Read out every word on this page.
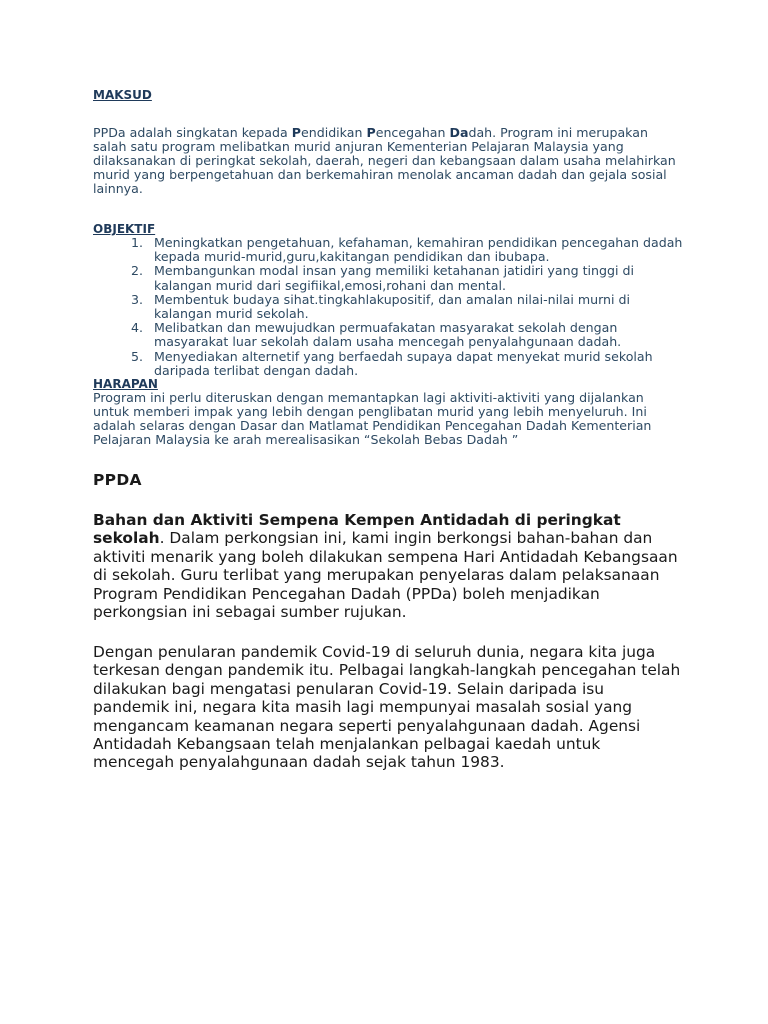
MAKSUD

PPDa adalah singkatan kepada Pendidikan Pencegahan Dadah. Program ini merupakan salah satu program melibatkan murid anjuran Kementerian Pelajaran Malaysia yang dilaksanakan di peringkat sekolah, daerah, negeri dan kebangsaan dalam usaha melahirkan murid yang berpengetahuan dan berkemahiran menolak ancaman dadah dan gejala sosial lainnya.

OBJEKTIF
1. Meningkatkan pengetahuan, kefahaman, kemahiran pendidikan pencegahan dadah kepada murid-murid,guru,kakitangan pendidikan dan ibubapa.
2. Membangunkan modal insan yang memiliki ketahanan jatidiri yang tinggi di kalangan murid dari segifiikal,emosi,rohani dan mental.
3. Membentuk budaya sihat.tingkahlakupositif, dan amalan nilai-nilai murni di kalangan murid sekolah.
4. Melibatkan dan mewujudkan permuafakatan masyarakat sekolah dengan masyarakat luar sekolah dalam usaha mencegah penyalahgunaan dadah.
5. Menyediakan alternetif yang berfaedah supaya dapat menyekat murid sekolah daripada terlibat dengan dadah.
HARAPAN

Program ini perlu diteruskan dengan memantapkan lagi aktiviti-aktiviti yang dijalankan untuk memberi impak yang lebih dengan penglibatan murid yang lebih menyeluruh. Ini adalah selaras dengan Dasar dan Matlamat Pendidikan Pencegahan Dadah Kementerian Pelajaran Malaysia ke arah merealisasikan “Sekolah Bebas Dadah ”

PPDA

Bahan dan Aktiviti Sempena Kempen Antidadah di peringkat sekolah. Dalam perkongsian ini, kami ingin berkongsi bahan-bahan dan aktiviti menarik yang boleh dilakukan sempena Hari Antidadah Kebangsaan di sekolah. Guru terlibat yang merupakan penyelaras dalam pelaksanaan Program Pendidikan Pencegahan Dadah (PPDa) boleh menjadikan perkongsian ini sebagai sumber rujukan.

Dengan penularan pandemik Covid-19 di seluruh dunia, negara kita juga terkesan dengan pandemik itu. Pelbagai langkah-langkah pencegahan telah dilakukan bagi mengatasi penularan Covid-19. Selain daripada isu pandemik ini, negara kita masih lagi mempunyai masalah sosial yang mengancam keamanan negara seperti penyalahgunaan dadah. Agensi Antidadah Kebangsaan telah menjalankan pelbagai kaedah untuk mencegah penyalahgunaan dadah sejak tahun 1983.
